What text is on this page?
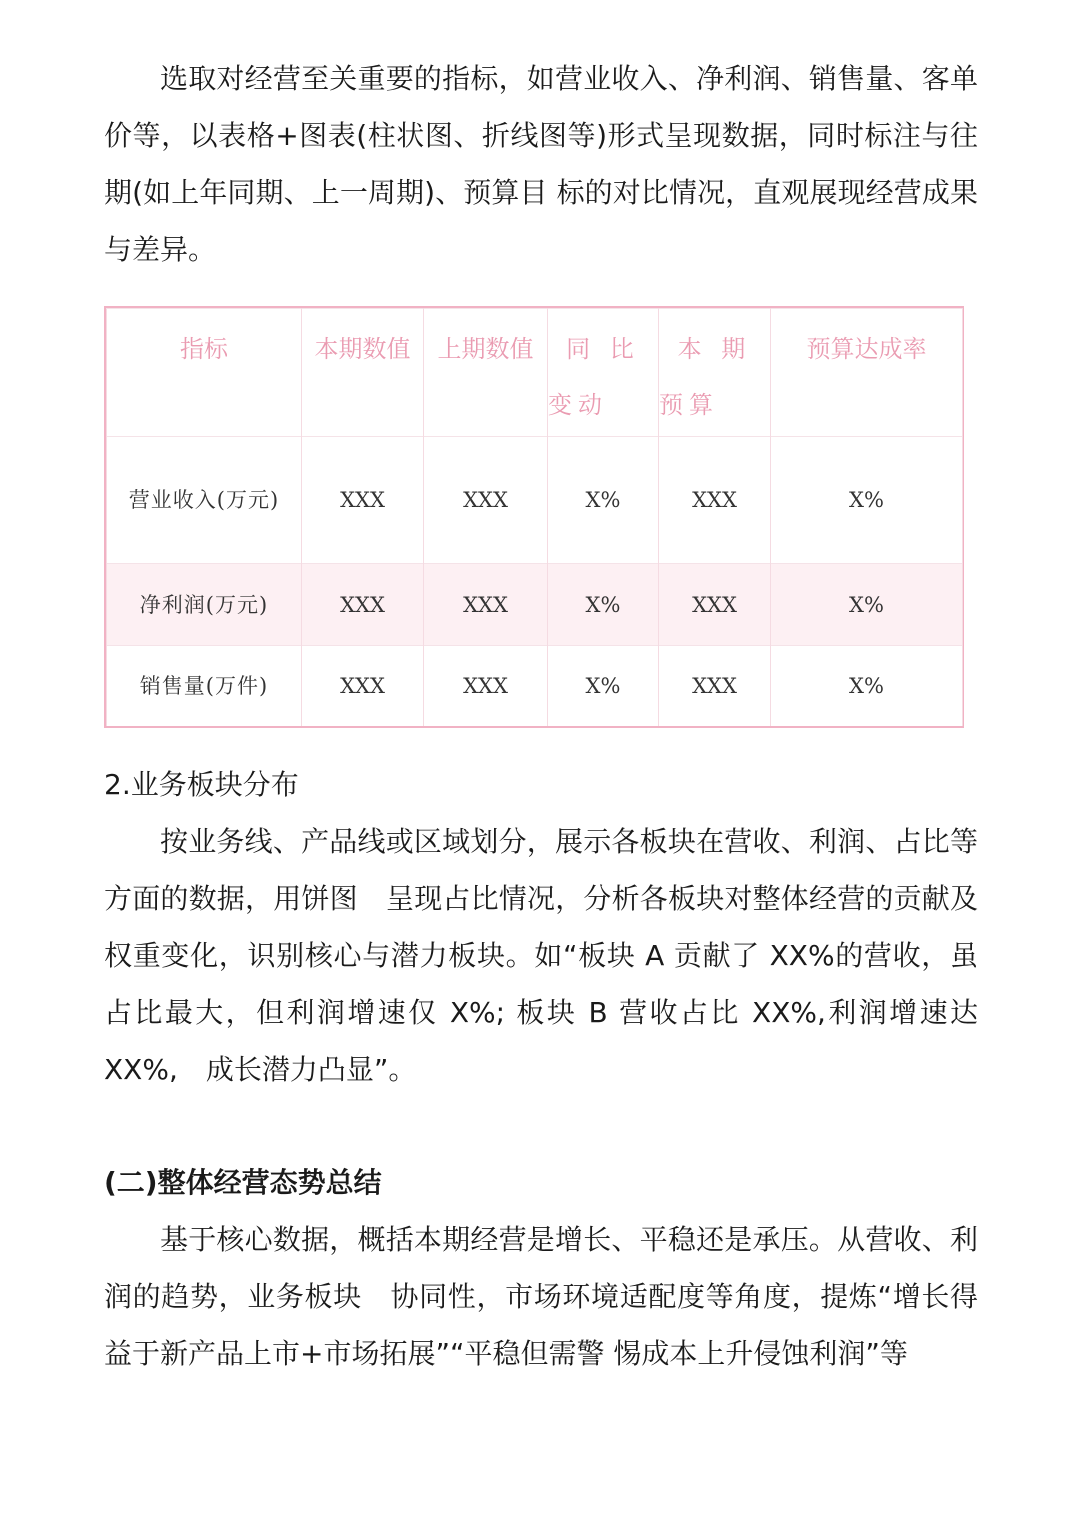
选取对经营至关重要的指标，如营业收入、净利润、销售量、客单价等，以表格+图表(柱状图、折线图等)形式呈现数据，同时标注与往期(如上年同期、上一周期)、预算目 标的对比情况，直观展现经营成果与差异。

指标	本期数值	上期数值	同 比 变动	本 期 预算	预算达成率
营业收入(万元)	XXX	XXX	X%	XXX	X%
净利润(万元)	XXX	XXX	X%	XXX	X%
销售量(万件)	XXX	XXX	X%	XXX	X%

2.业务板块分布

按业务线、产品线或区域划分，展示各板块在营收、利润、占比等方面的数据，用饼图　呈现占比情况，分析各板块对整体经营的贡献及权重变化，识别核心与潜力板块。如“板块 A 贡献了 XX%的营收，虽占比最大，但利润增速仅 X%; 板块 B 营收占比 XX%,利润增速达 XX%,　成长潜力凸显”。

(二)整体经营态势总结

基于核心数据，概括本期经营是增长、平稳还是承压。从营收、利润的趋势，业务板块　协同性，市场环境适配度等角度，提炼“增长得益于新产品上市+市场拓展”“平稳但需警 惕成本上升侵蚀利润”等
